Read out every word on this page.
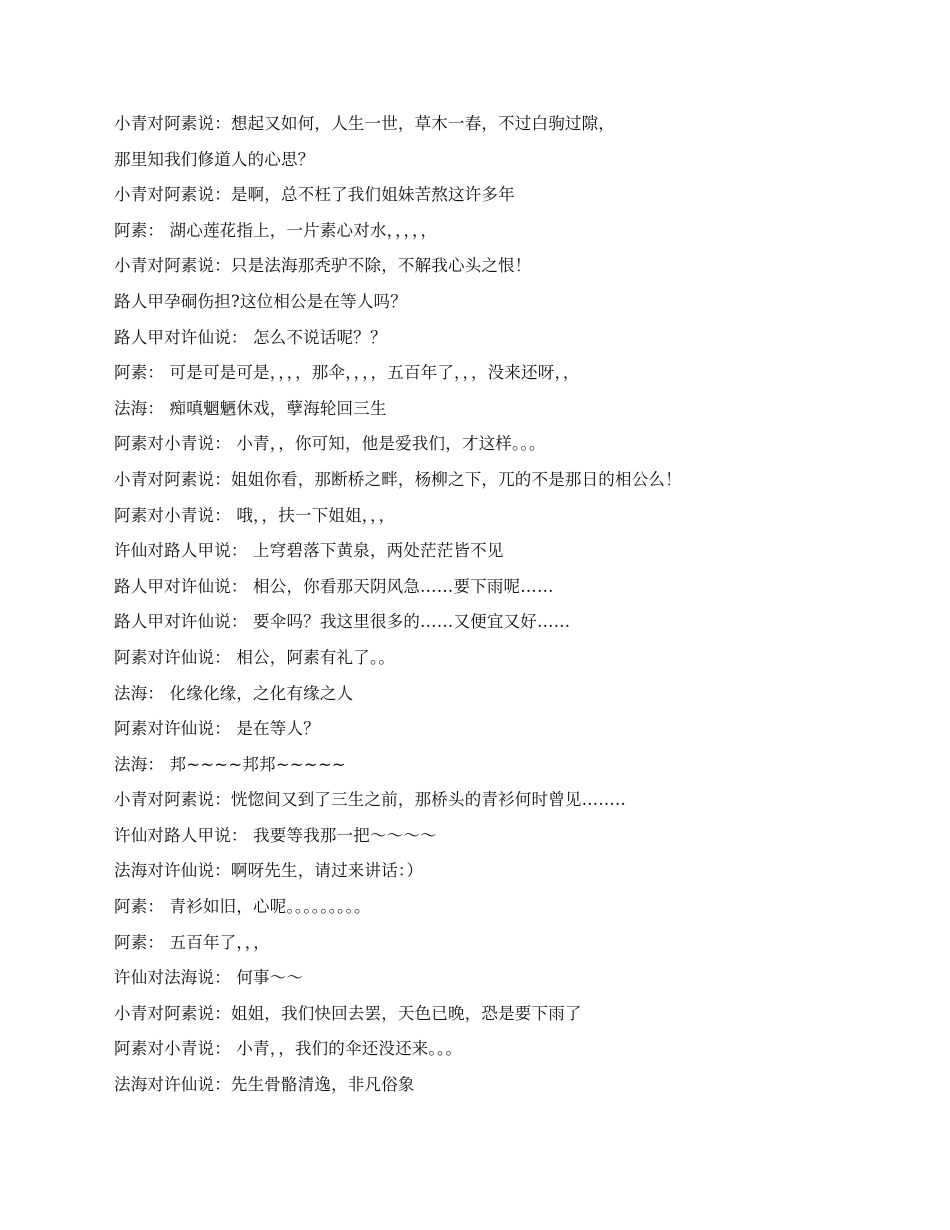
小青对阿素说：想起又如何，人生一世，草木一春，不过白驹过隙，
那里知我们修道人的心思？
小青对阿素说：是啊，总不枉了我们姐妹苦熬这许多年
阿素： 湖心莲花指上，一片素心对水，，，，，
小青对阿素说：只是法海那秃驴不除，不解我心头之恨！
路人甲孕硐伤担?这位相公是在等人吗？
路人甲对许仙说： 怎么不说话呢？？
阿素： 可是可是可是，，，，那伞，，，，五百年了，，，没来还呀，，
法海： 痴嗔魍魉休戏，孽海轮回三生
阿素对小青说： 小青，，你可知，他是爱我们，才这样。。。
小青对阿素说：姐姐你看，那断桥之畔，杨柳之下，兀的不是那日的相公么！
阿素对小青说： 哦，，扶一下姐姐，，，
许仙对路人甲说： 上穹碧落下黄泉，两处茫茫皆不见
路人甲对许仙说： 相公，你看那天阴风急……要下雨呢……
路人甲对许仙说： 要伞吗？我这里很多的……又便宜又好……
阿素对许仙说： 相公，阿素有礼了。。
法海： 化缘化缘，之化有缘之人
阿素对许仙说： 是在等人？
法海： 邦~~~~邦邦~~~~~
小青对阿素说：恍惚间又到了三生之前，那桥头的青衫何时曾见……..
许仙对路人甲说： 我要等我那一把～～～～
法海对许仙说：啊呀先生，请过来讲话：）
阿素： 青衫如旧，心呢。。。。。。。。。
阿素： 五百年了，，，
许仙对法海说： 何事～～
小青对阿素说：姐姐，我们快回去罢，天色已晚，恐是要下雨了
阿素对小青说： 小青，，我们的伞还没还来。。。
法海对许仙说：先生骨骼清逸，非凡俗象
